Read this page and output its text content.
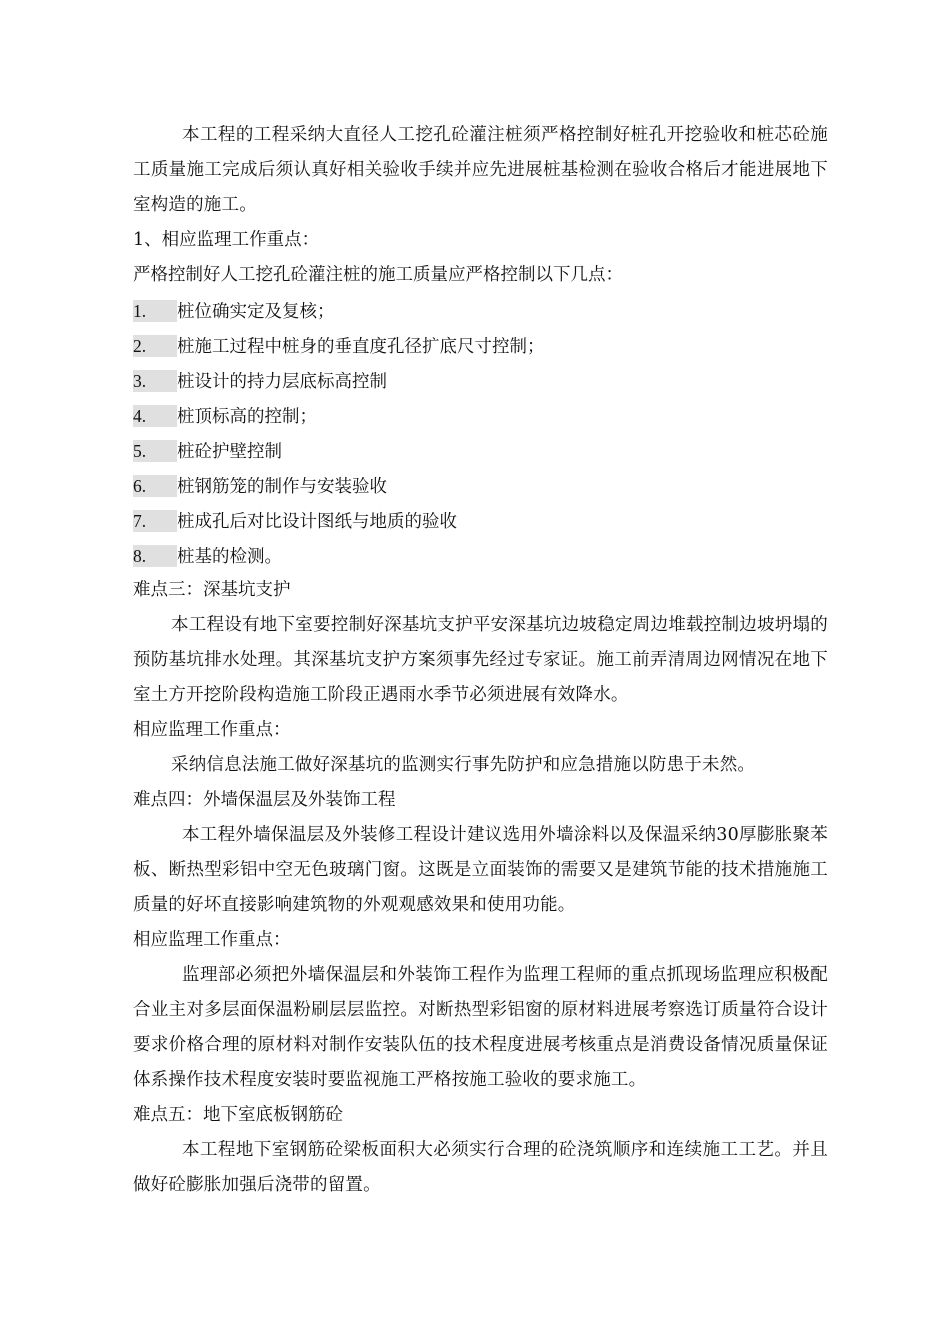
本工程的工程采纳大直径人工挖孔砼灌注桩须严格控制好桩孔开挖验收和桩芯砼施工质量施工完成后须认真好相关验收手续并应先进展桩基检测在验收合格后才能进展地下室构造的施工。

1、相应监理工作重点：

严格控制好人工挖孔砼灌注桩的施工质量应严格控制以下几点：

1.	桩位确实定及复核；
2.	桩施工过程中桩身的垂直度孔径扩底尺寸控制；
3.	桩设计的持力层底标高控制
4.	桩顶标高的控制；
5.	桩砼护壁控制
6.	桩钢筋笼的制作与安装验收
7.	桩成孔后对比设计图纸与地质的验收
8.	桩基的检测。

难点三：深基坑支护

本工程设有地下室要控制好深基坑支护平安深基坑边坡稳定周边堆载控制边坡坍塌的预防基坑排水处理。其深基坑支护方案须事先经过专家证。施工前弄清周边网情况在地下室土方开挖阶段构造施工阶段正遇雨水季节必须进展有效降水。

相应监理工作重点：

采纳信息法施工做好深基坑的监测实行事先防护和应急措施以防患于未然。

难点四：外墙保温层及外装饰工程

本工程外墙保温层及外装修工程设计建议选用外墙涂料以及保温采纳30厚膨胀聚苯板、断热型彩铝中空无色玻璃门窗。这既是立面装饰的需要又是建筑节能的技术措施施工质量的好坏直接影响建筑物的外观观感效果和使用功能。

相应监理工作重点：

监理部必须把外墙保温层和外装饰工程作为监理工程师的重点抓现场监理应积极配合业主对多层面保温粉刷层层监控。对断热型彩铝窗的原材料进展考察选订质量符合设计要求价格合理的原材料对制作安装队伍的技术程度进展考核重点是消费设备情况质量保证体系操作技术程度安装时要监视施工严格按施工验收的要求施工。

难点五：地下室底板钢筋砼

本工程地下室钢筋砼梁板面积大必须实行合理的砼浇筑顺序和连续施工工艺。并且做好砼膨胀加强后浇带的留置。
